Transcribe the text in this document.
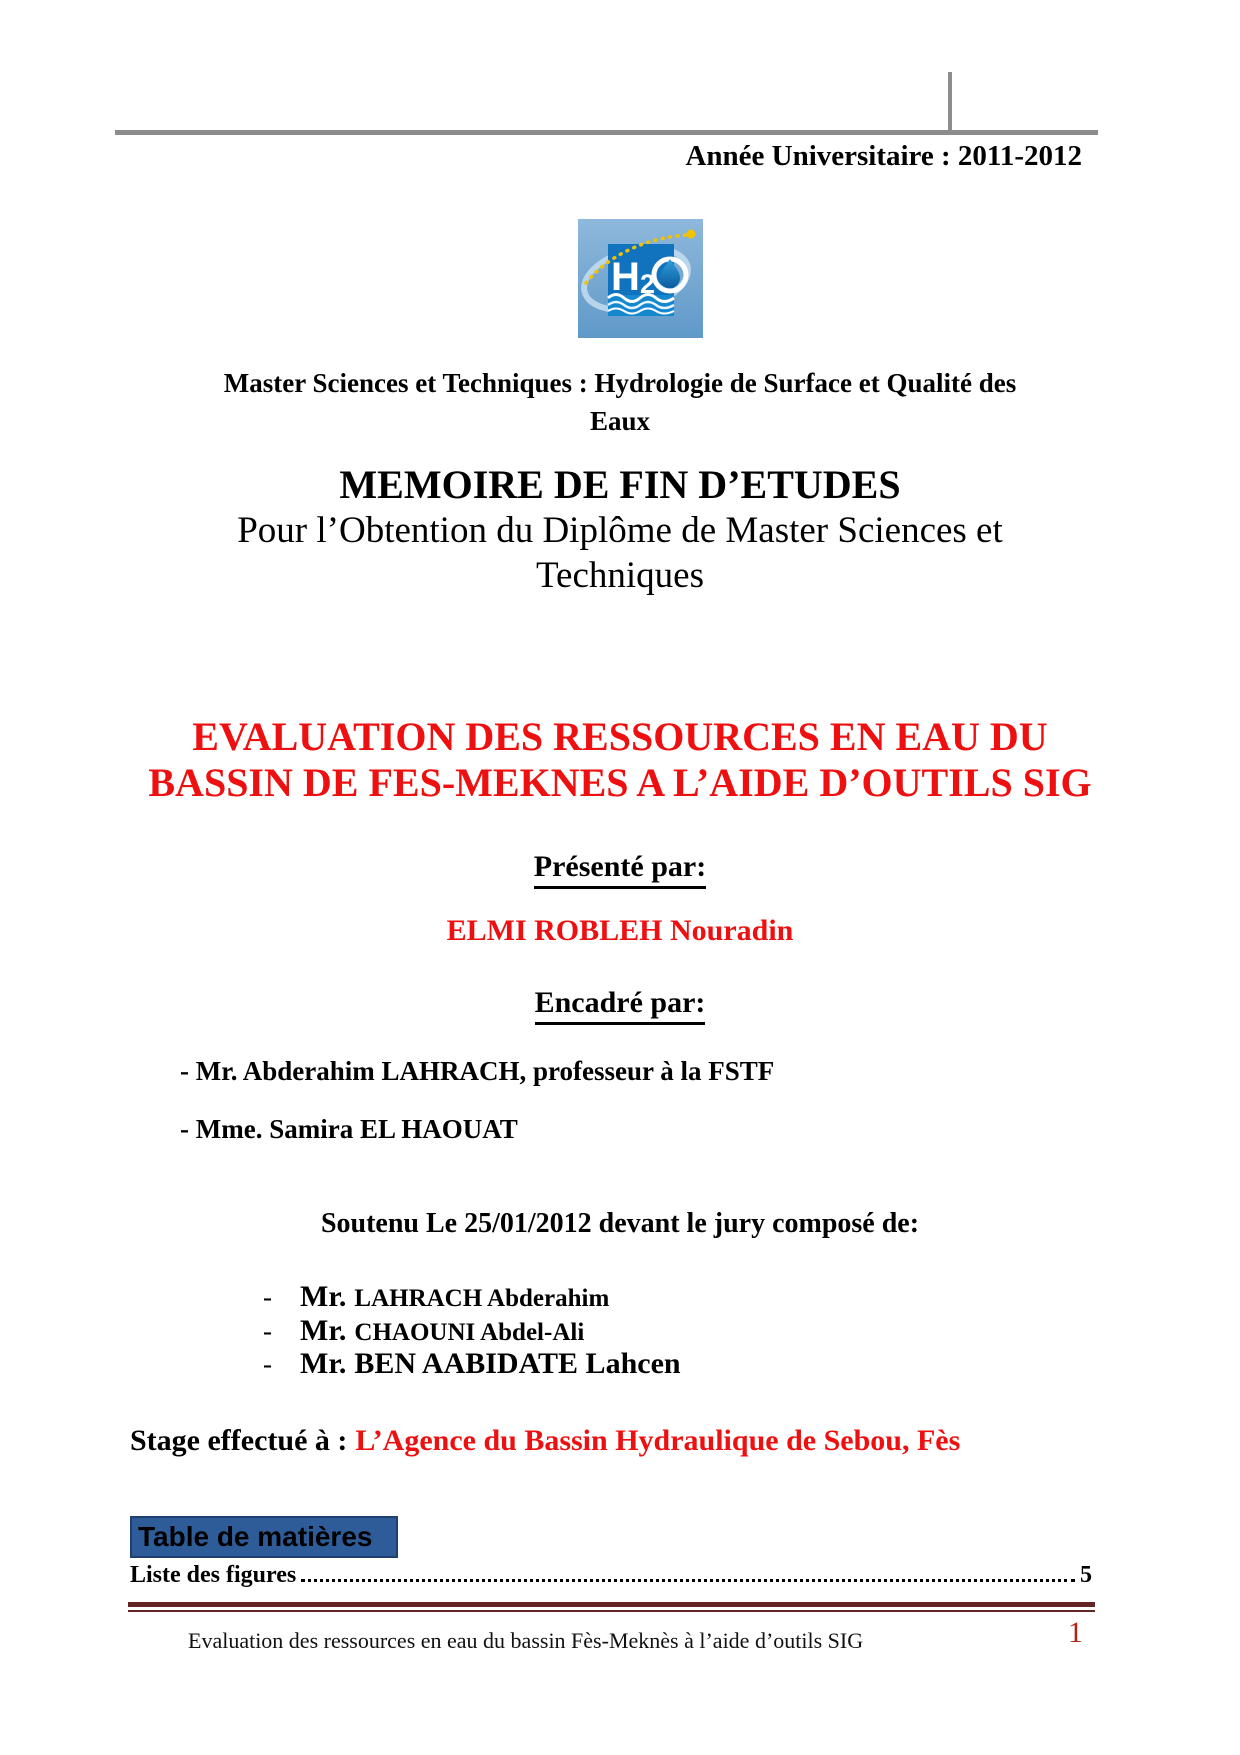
Année Universitaire : 2011-2012
H 2
Master Sciences et Techniques : Hydrologie de Surface et Qualité des
Eaux
MEMOIRE DE FIN D’ETUDES
Pour l’Obtention du Diplôme de Master Sciences et
Techniques
EVALUATION DES RESSOURCES EN EAU DU
BASSIN DE FES-MEKNES A L’AIDE D’OUTILS SIG
Présenté par:
ELMI ROBLEH Nouradin
Encadré par:
- Mr. Abderahim LAHRACH, professeur à la FSTF
- Mme. Samira EL HAOUAT
Soutenu Le 25/01/2012 devant le jury composé de:
- Mr. LAHRACH Abderahim
- Mr. CHAOUNI Abdel-Ali
- Mr. BEN AABIDATE Lahcen
Stage effectué à : L’Agence du Bassin Hydraulique de Sebou, Fès
Table de matières
Liste des figures	5
Evaluation des ressources en eau du bassin Fès-Meknès à l’aide d’outils SIG	1
